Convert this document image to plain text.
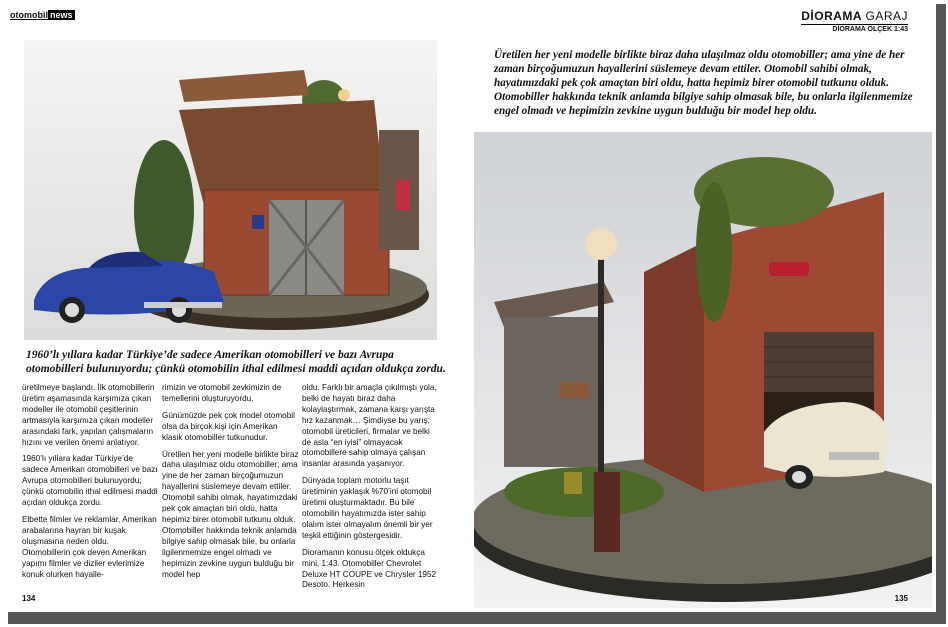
otomobil news
1960’lı yıllara kadar Türkiye’de sadece Amerikan otomobilleri ve bazı Avrupa otomobilleri bulunuyordu; çünkü otomobilin ithal edilmesi maddi açıdan oldukça zordu.

üretilmeye başlandı. İlk otomobillerin üretim aşamasında karşımıza çıkan modeller ile otomobil çeşitlerinin artmasıyla karşımıza çıkan modeller arasındaki fark, yapılan çalışmaların hızını ve verilen önemi anlatıyor.

1960’lı yıllara kadar Türkiye’de sadece Amerikan otomobilleri ve bazı Avrupa otomobilleri bulunuyordu; çünkü otomobilin ithal edilmesi maddi açıdan oldukça zordu.

Elbette filmler ve reklamlar, Amerikan arabalarına hayran bir kuşak oluşmasına neden oldu. Otomobillerin çok deven Amerikan yapımı filmler ve diziler evlerimize konuk olurken hayalle-

rimizin ve otomobil zevkimizin de temellerini oluşturuyordu.

Günümüzde pek çok model otomobil olsa da birçok kişi için Amerikan klasik otomobiller tutkunudur.

Üretilen her yeni modelle birlikte biraz daha ulaşılmaz oldu otomobiller; ama yine de her zaman birçoğumuzun hayallerini süslemeye devam ettiler. Otomobil sahibi olmak, hayatımızdaki pek çok amaçtan biri oldu, hatta hepimiz birer otomobil tutkunu olduk. Otomobiller hakkında teknik anlamda bilgiye sahip olmasak bile, bu onlarla ilgilenmemize engel olmadı ve hepimizin zevkine uygun bulduğu bir model hep

oldu. Farklı bir amaçla çıkılmıştı yola, belki de hayatı biraz daha kolaylaştırmak, zamana karşı yarışta hız kazanmak… Şimdiyse bu yarış; otomobil üreticileri, firmalar ve belki de asla “en iyisi” olmayacak otomobillere sahip olmaya çalışan insanlar arasında yaşanıyor.

Dünyada toplam motorlu taşıt üretiminin yaklaşık %70’ini otomobil üretimi oluşturmaktadır. Bu bile otomobilin hayatımızda ister sahip olalım ister olmayalım önemli bir yer teşkil ettiğinin göstergesidir.

Dioramanın konusu ölçek oldukça mini, 1:43. Otomobiller Chevrolet Deluxe HT COUPE ve Chrysler 1952 Desoto. Herkesin

134
DİORAMA GARAJ
DİORAMA ÖLÇEK 1:43
Üretilen her yeni modelle birlikte biraz daha ulaşılmaz oldu otomobiller; ama yine de her zaman birçoğumuzun hayallerini süslemeye devam ettiler. Otomobil sahibi olmak, hayatımızdaki pek çok amaçtan biri oldu, hatta hepimiz birer otomobil tutkunu olduk. Otomobiller hakkında teknik anlamda bilgiye sahip olmasak bile, bu onlarla ilgilenmemize engel olmadı ve hepimizin zevkine uygun bulduğu bir model hep oldu.
135
